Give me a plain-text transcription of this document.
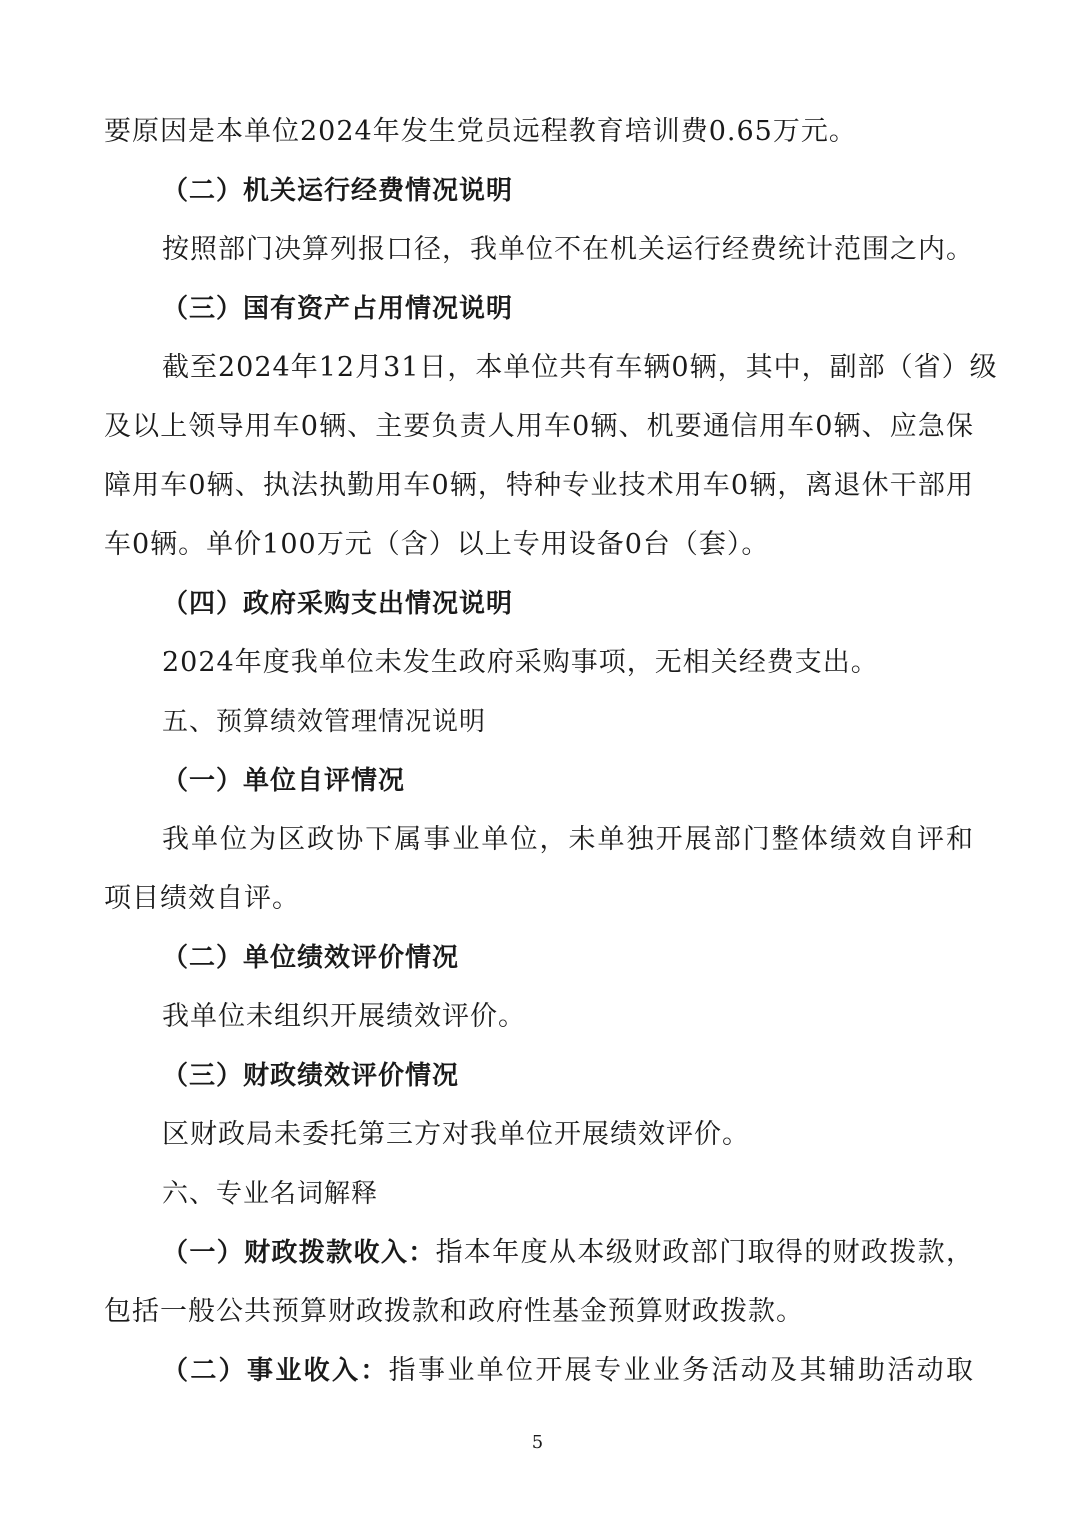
要原因是本单位2024年发生党员远程教育培训费0.65万元。
（二）机关运行经费情况说明
按照部门决算列报口径，我单位不在机关运行经费统计范围之内。
（三）国有资产占用情况说明
截至2024年12月31日，本单位共有车辆0辆，其中，副部（省）级
及以上领导用车0辆、主要负责人用车0辆、机要通信用车0辆、应急保
障用车0辆、执法执勤用车0辆，特种专业技术用车0辆，离退休干部用
车0辆。单价100万元（含）以上专用设备0台（套）。
（四）政府采购支出情况说明
2024年度我单位未发生政府采购事项，无相关经费支出。
五、预算绩效管理情况说明
（一）单位自评情况
我单位为区政协下属事业单位，未单独开展部门整体绩效自评和
项目绩效自评。
（二）单位绩效评价情况
我单位未组织开展绩效评价。
（三）财政绩效评价情况
区财政局未委托第三方对我单位开展绩效评价。
六、专业名词解释
（一）财政拨款收入：指本年度从本级财政部门取得的财政拨款，
包括一般公共预算财政拨款和政府性基金预算财政拨款。
（二）事业收入：指事业单位开展专业业务活动及其辅助活动取
5
